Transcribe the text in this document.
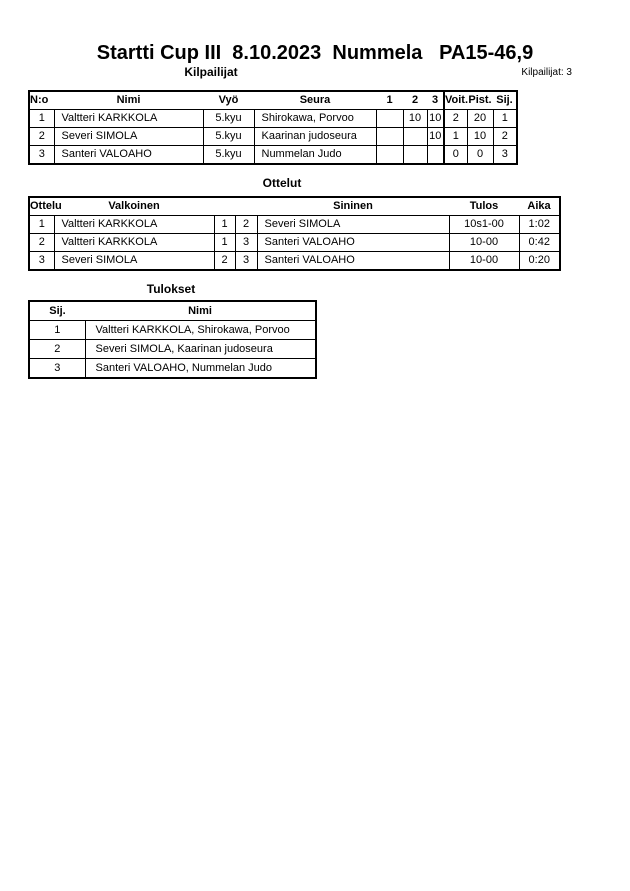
Startti Cup III  8.10.2023  Nummela   PA15-46,9
Kilpailijat	Kilpailijat: 3
N:o	Nimi	Vyö	Seura	1	2	3	Voit.	Pist.	Sij.
1	Valtteri KARKKOLA	5.kyu	Shirokawa, Porvoo		10	10	2	20	1
2	Severi SIMOLA	5.kyu	Kaarinan judoseura			10	1	10	2
3	Santeri VALOAHO	5.kyu	Nummelan Judo				0	0	3
Ottelut
Ottelu	Valkoinen			Sininen	Tulos	Aika
1	Valtteri KARKKOLA	1	2	Severi SIMOLA	10s1-00	1:02
2	Valtteri KARKKOLA	1	3	Santeri VALOAHO	10-00	0:42
3	Severi SIMOLA	2	3	Santeri VALOAHO	10-00	0:20
Tulokset
Sij.	Nimi
1	Valtteri KARKKOLA, Shirokawa, Porvoo
2	Severi SIMOLA, Kaarinan judoseura
3	Santeri VALOAHO, Nummelan Judo
